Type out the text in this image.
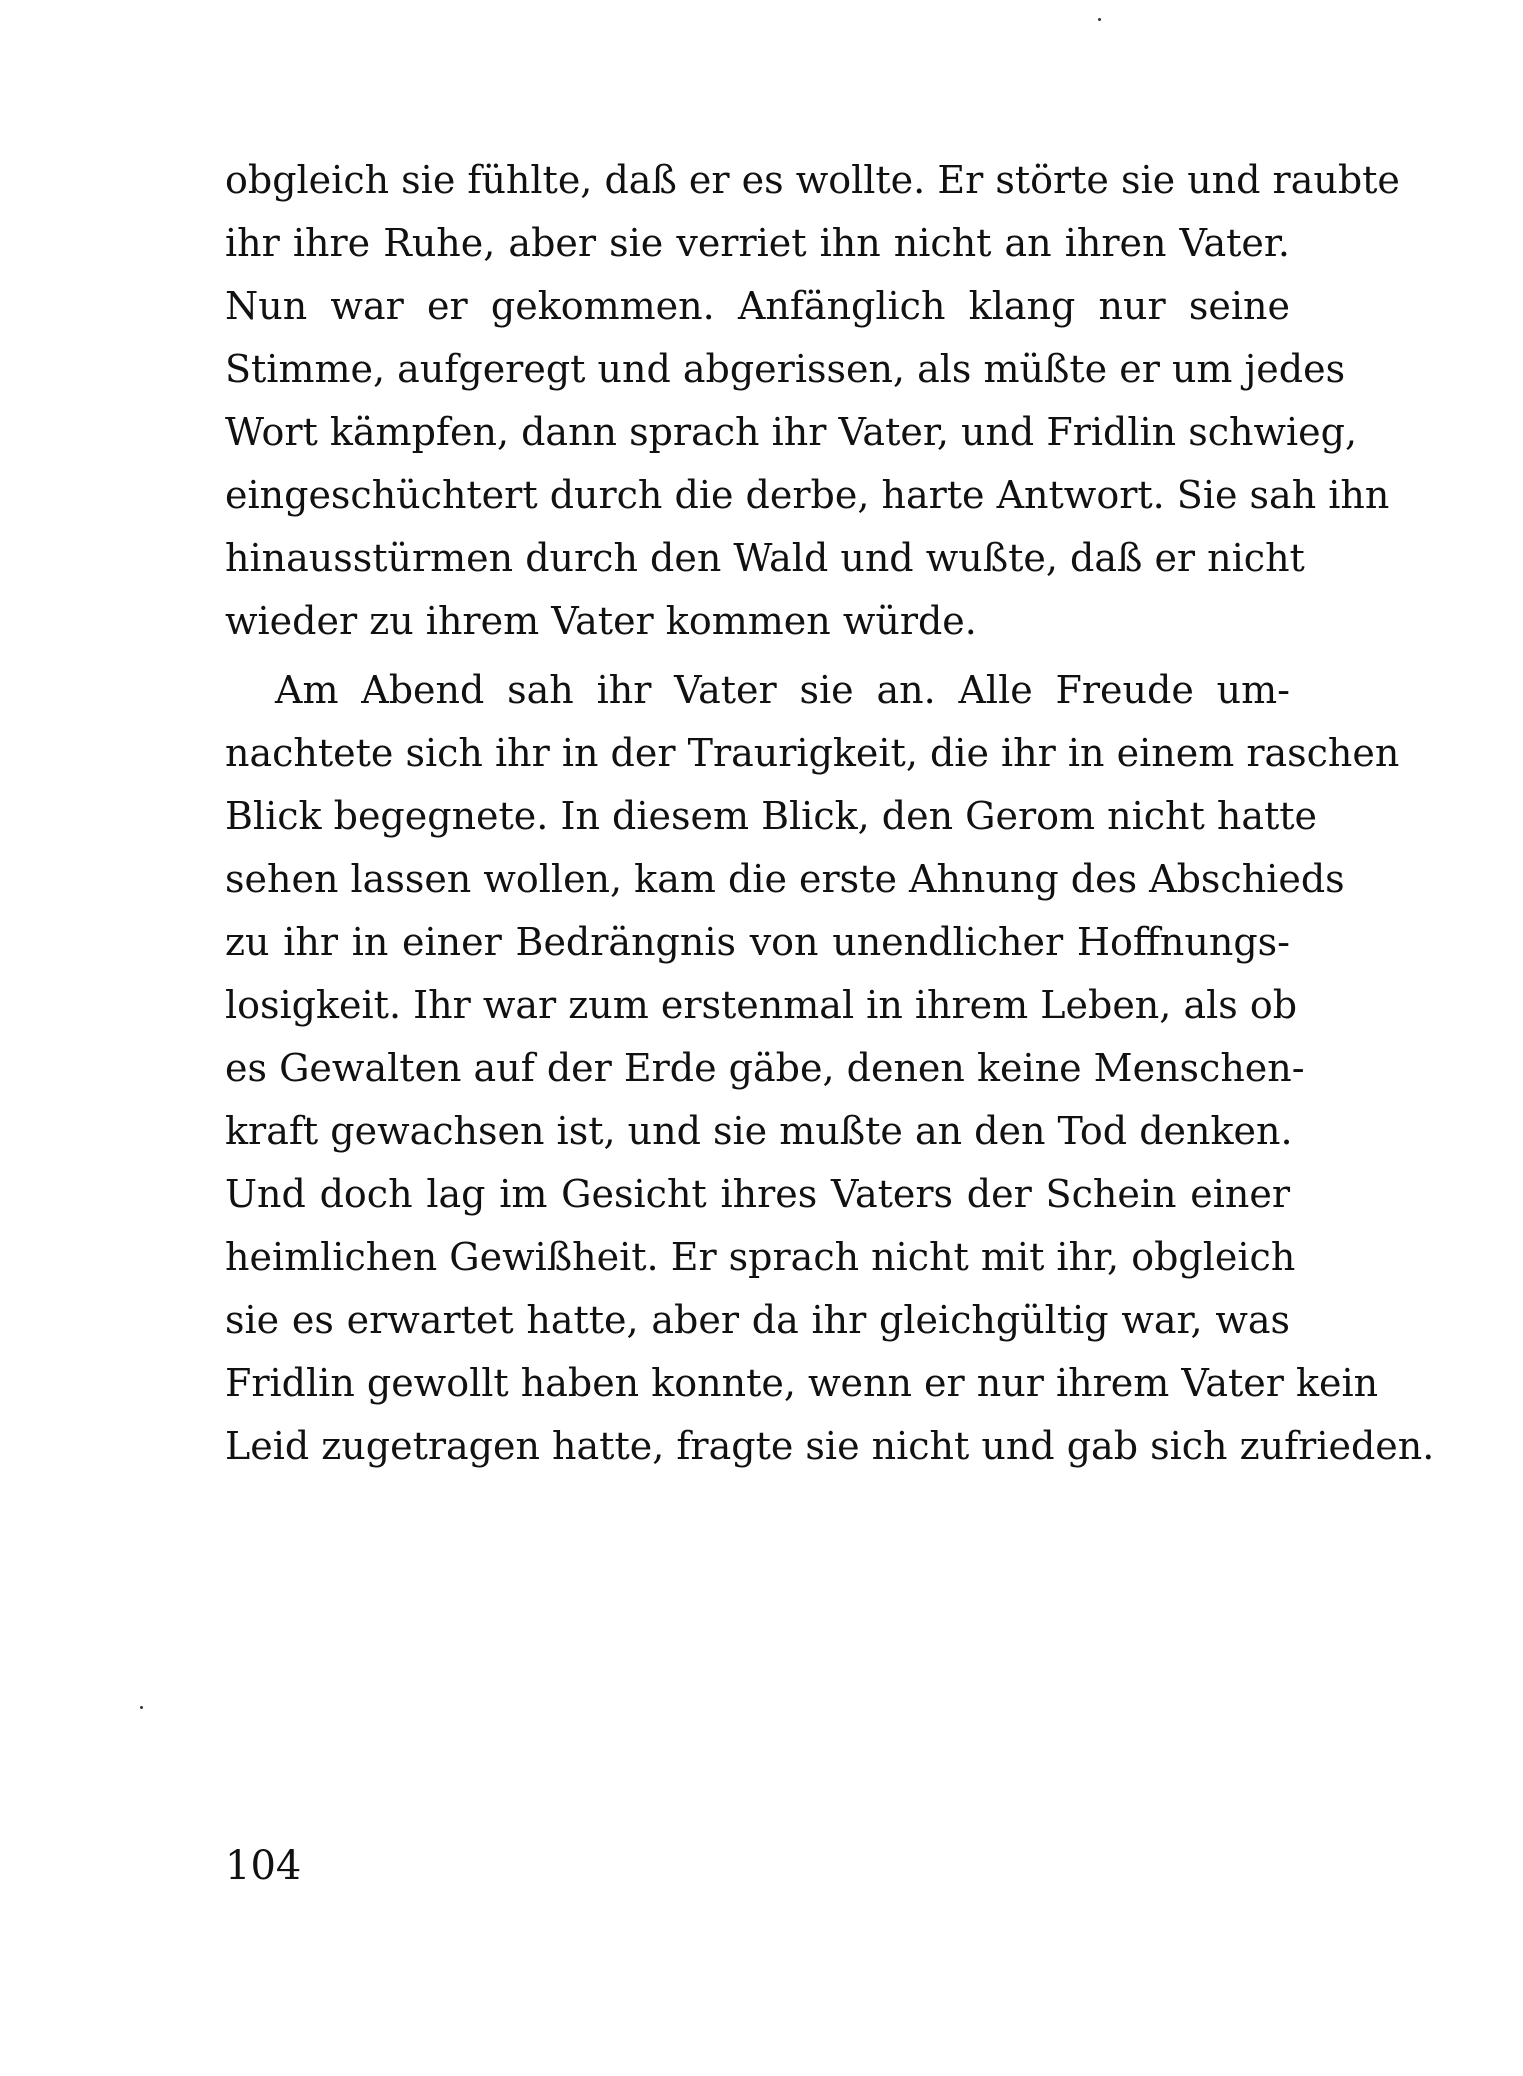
obgleich sie fühlte, daß er es wollte. Er störte sie und raubte
ihr ihre Ruhe, aber sie verriet ihn nicht an ihren Vater.
Nun war er gekommen. Anfänglich klang nur seine
Stimme, aufgeregt und abgerissen, als müßte er um jedes
Wort kämpfen, dann sprach ihr Vater, und Fridlin schwieg,
eingeschüchtert durch die derbe, harte Antwort. Sie sah ihn
hinausstürmen durch den Wald und wußte, daß er nicht
wieder zu ihrem Vater kommen würde.
Am Abend sah ihr Vater sie an. Alle Freude um-
nachtete sich ihr in der Traurigkeit, die ihr in einem raschen
Blick begegnete. In diesem Blick, den Gerom nicht hatte
sehen lassen wollen, kam die erste Ahnung des Abschieds
zu ihr in einer Bedrängnis von unendlicher Hoffnungs-
losigkeit. Ihr war zum erstenmal in ihrem Leben, als ob
es Gewalten auf der Erde gäbe, denen keine Menschen-
kraft gewachsen ist, und sie mußte an den Tod denken.
Und doch lag im Gesicht ihres Vaters der Schein einer
heimlichen Gewißheit. Er sprach nicht mit ihr, obgleich
sie es erwartet hatte, aber da ihr gleichgültig war, was
Fridlin gewollt haben konnte, wenn er nur ihrem Vater kein
Leid zugetragen hatte, fragte sie nicht und gab sich zufrieden.
104
